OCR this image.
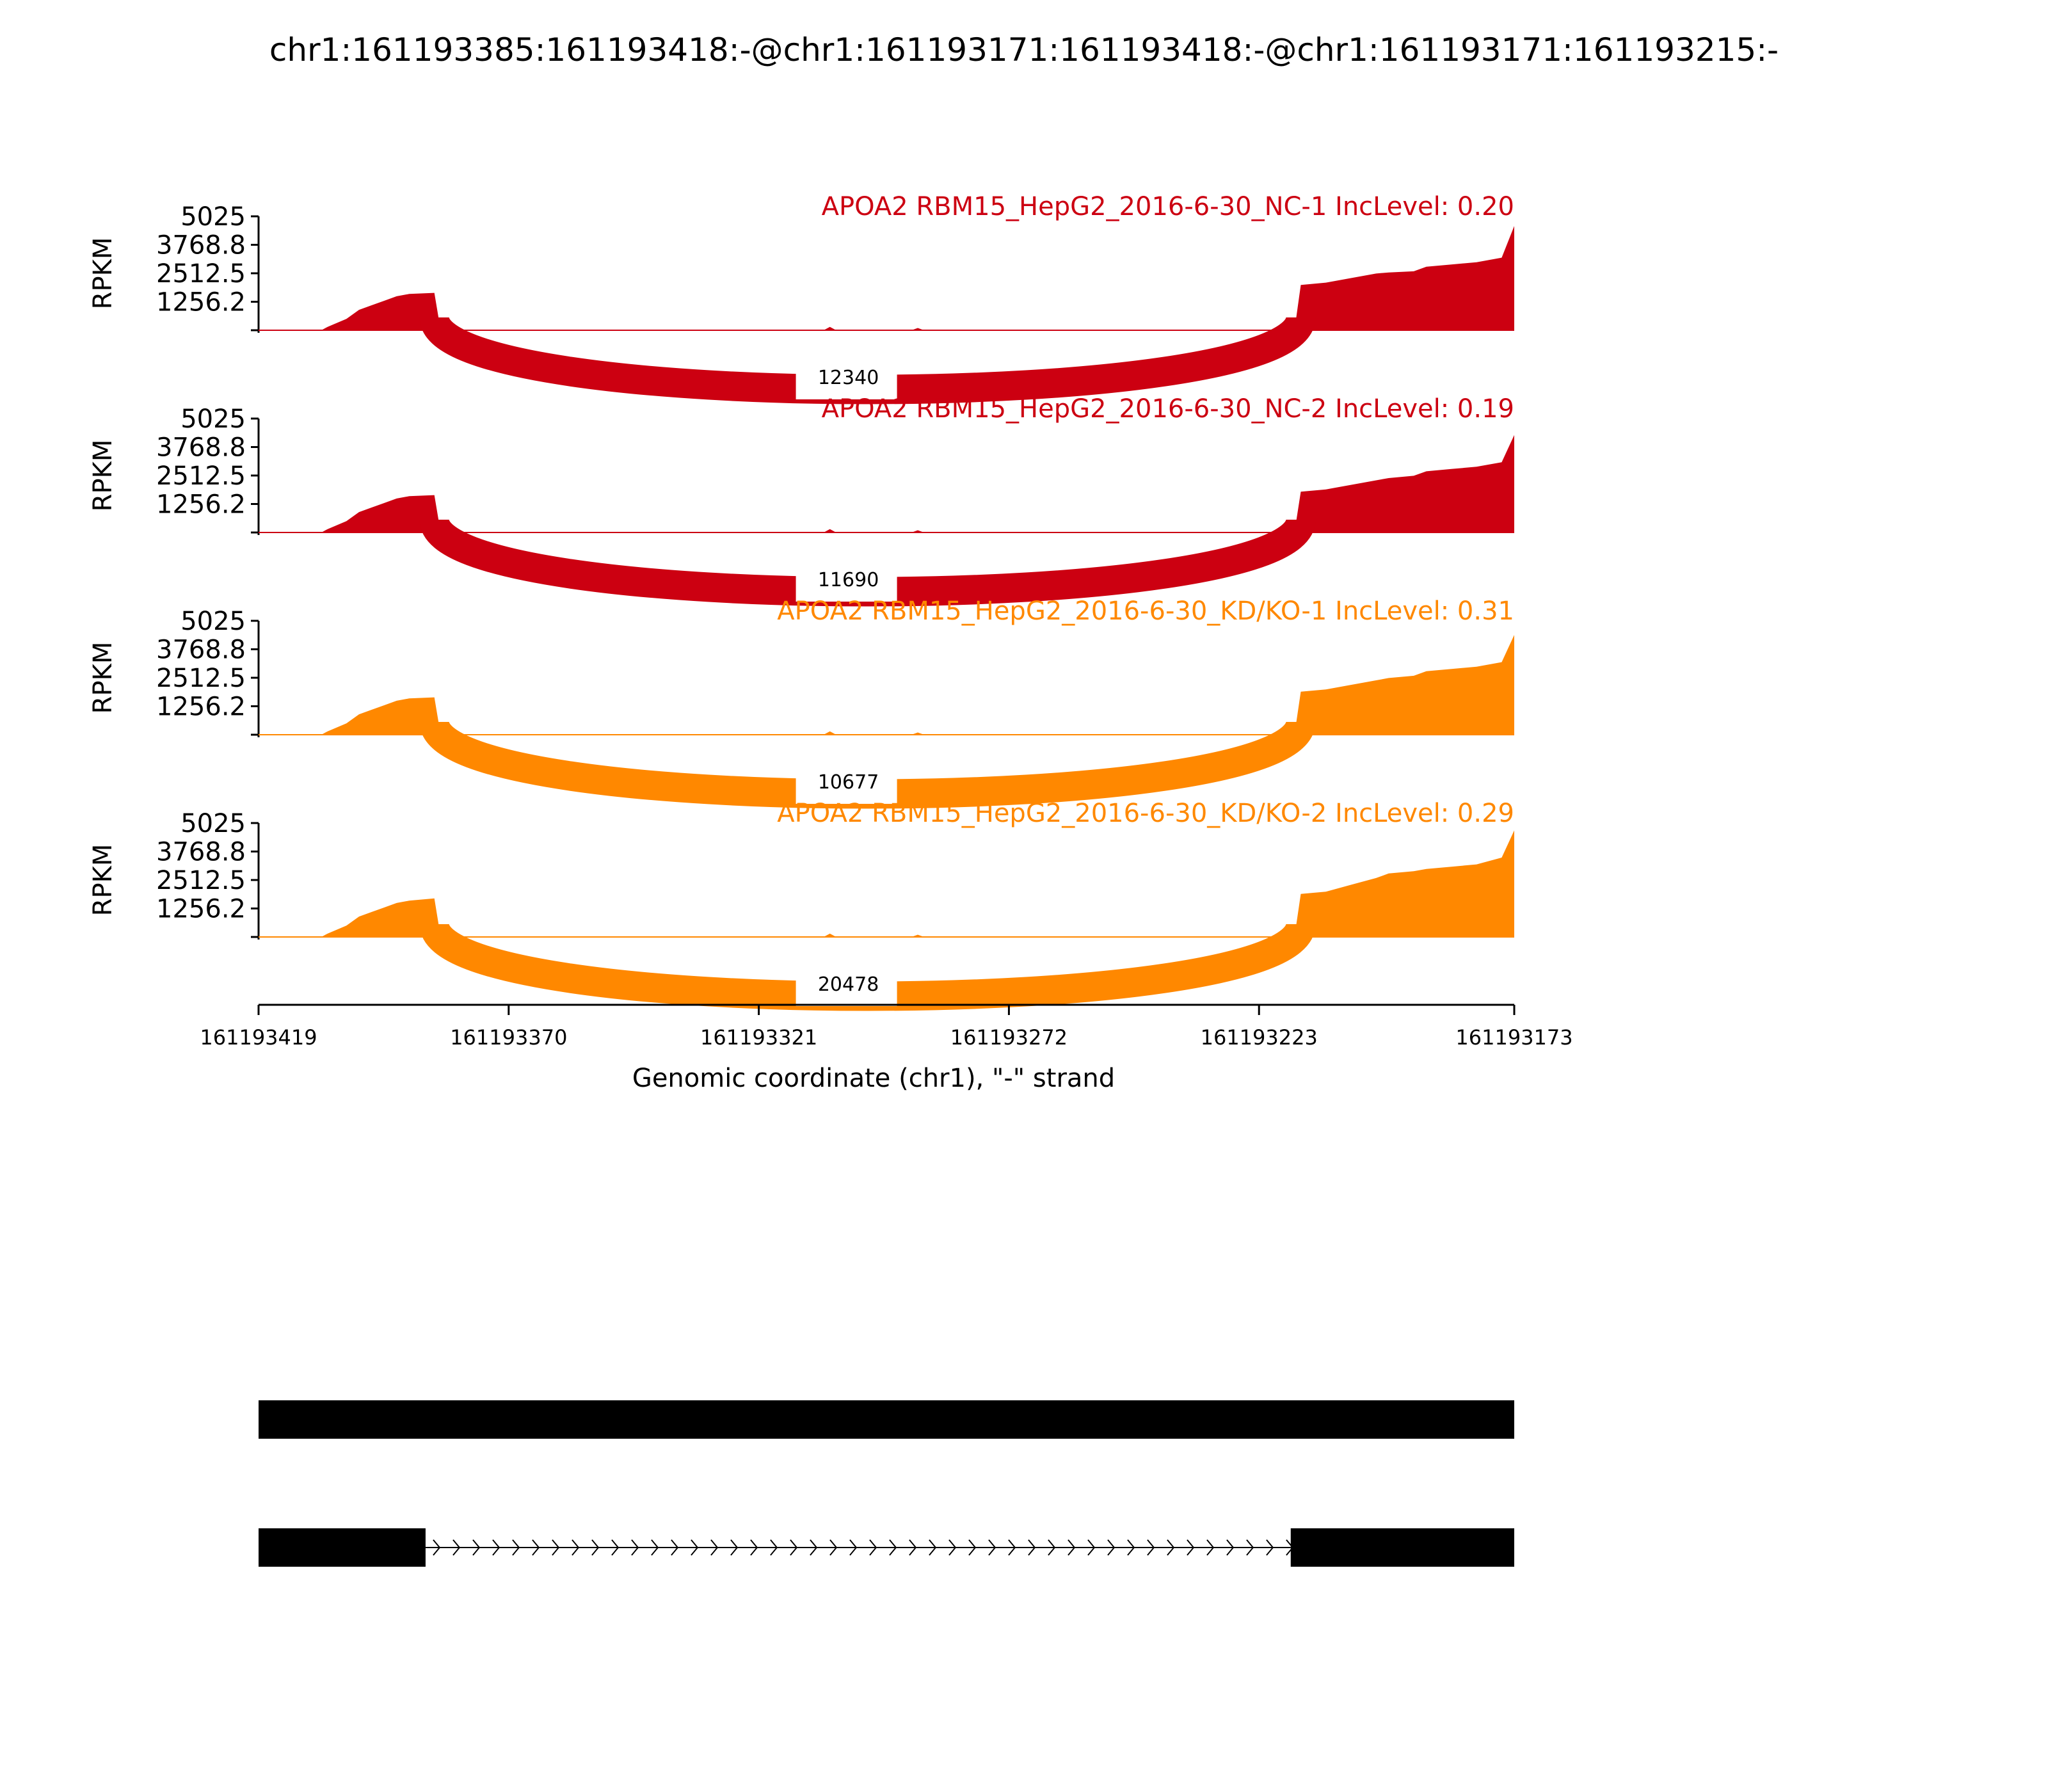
chr1:161193385:161193418:-@chr1:161193171:161193418:-@chr1:161193171:161193215:-
5025
3768.8
2512.5
1256.2
RPKM
12340
APOA2 RBM15_HepG2_2016-6-30_NC-1 IncLevel: 0.20
5025
3768.8
2512.5
1256.2
RPKM
11690
APOA2 RBM15_HepG2_2016-6-30_NC-2 IncLevel: 0.19
5025
3768.8
2512.5
1256.2
RPKM
10677
APOA2 RBM15_HepG2_2016-6-30_KD/KO-1 IncLevel: 0.31
5025
3768.8
2512.5
1256.2
RPKM
20478
APOA2 RBM15_HepG2_2016-6-30_KD/KO-2 IncLevel: 0.29
161193419	161193370	161193321	161193272	161193223	161193173
Genomic coordinate (chr1), "-" strand
